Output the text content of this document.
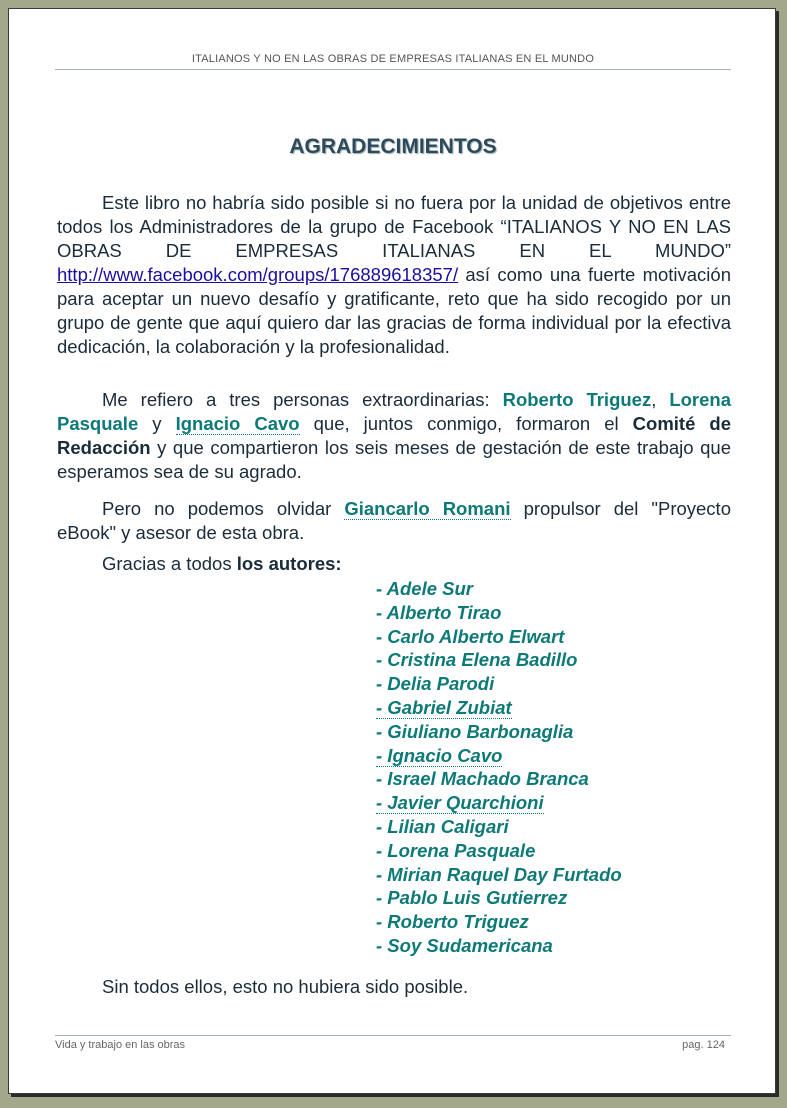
ITALIANOS Y NO EN LAS OBRAS DE EMPRESAS ITALIANAS EN EL MUNDO
AGRADECIMIENTOS

Este libro no habría sido posible si no fuera por la unidad de objetivos entre todos los Administradores de la grupo de Facebook “ITALIANOS Y NO EN LAS OBRAS DE EMPRESAS ITALIANAS EN EL MUNDO” http://www.facebook.com/groups/176889618357/ así como una fuerte motivación para aceptar un nuevo desafío y gratificante, reto que ha sido recogido por un grupo de gente que aquí quiero dar las gracias de forma individual por la efectiva dedicación, la colaboración y la profesionalidad.

Me refiero a tres personas extraordinarias: Roberto Triguez, Lorena Pasquale y Ignacio Cavo que, juntos conmigo, formaron el Comité de Redacción y que compartieron los seis meses de gestación de este trabajo que esperamos sea de su agrado.

Pero no podemos olvidar Giancarlo Romani propulsor del "Proyecto eBook" y asesor de esta obra.

Gracias a todos los autores:

- Adele Sur
- Alberto Tirao
- Carlo Alberto Elwart
- Cristina Elena Badillo
- Delia Parodi
- Gabriel Zubiat
- Giuliano Barbonaglia
- Ignacio Cavo
- Israel Machado Branca
- Javier Quarchioni
- Lilian Caligari
- Lorena Pasquale
- Mirian Raquel Day Furtado
- Pablo Luis Gutierrez
- Roberto Triguez
- Soy Sudamericana

Sin todos ellos, esto no hubiera sido posible.

Vida y trabajo en las obras	pag. 124
